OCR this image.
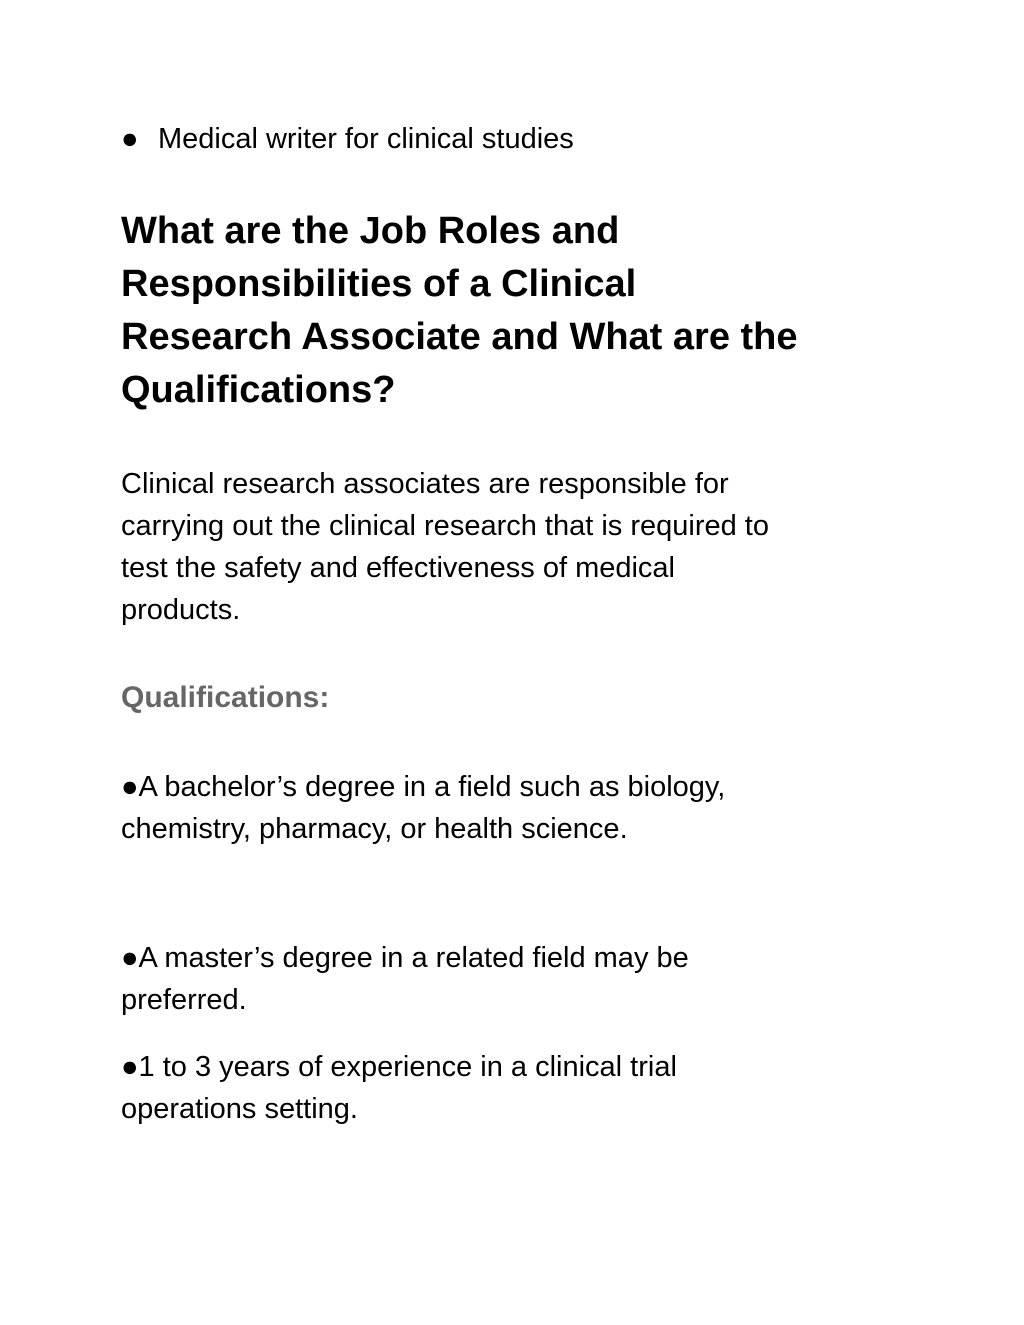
● Medical writer for clinical studies
What are the Job Roles and Responsibilities of a Clinical Research Associate and What are the Qualifications?

Clinical research associates are responsible for carrying out the clinical research that is required to test the safety and effectiveness of medical products.

Qualifications:

●A bachelor’s degree in a field such as biology, chemistry, pharmacy, or health science.

●A master’s degree in a related field may be preferred.

●1 to 3 years of experience in a clinical trial operations setting.
